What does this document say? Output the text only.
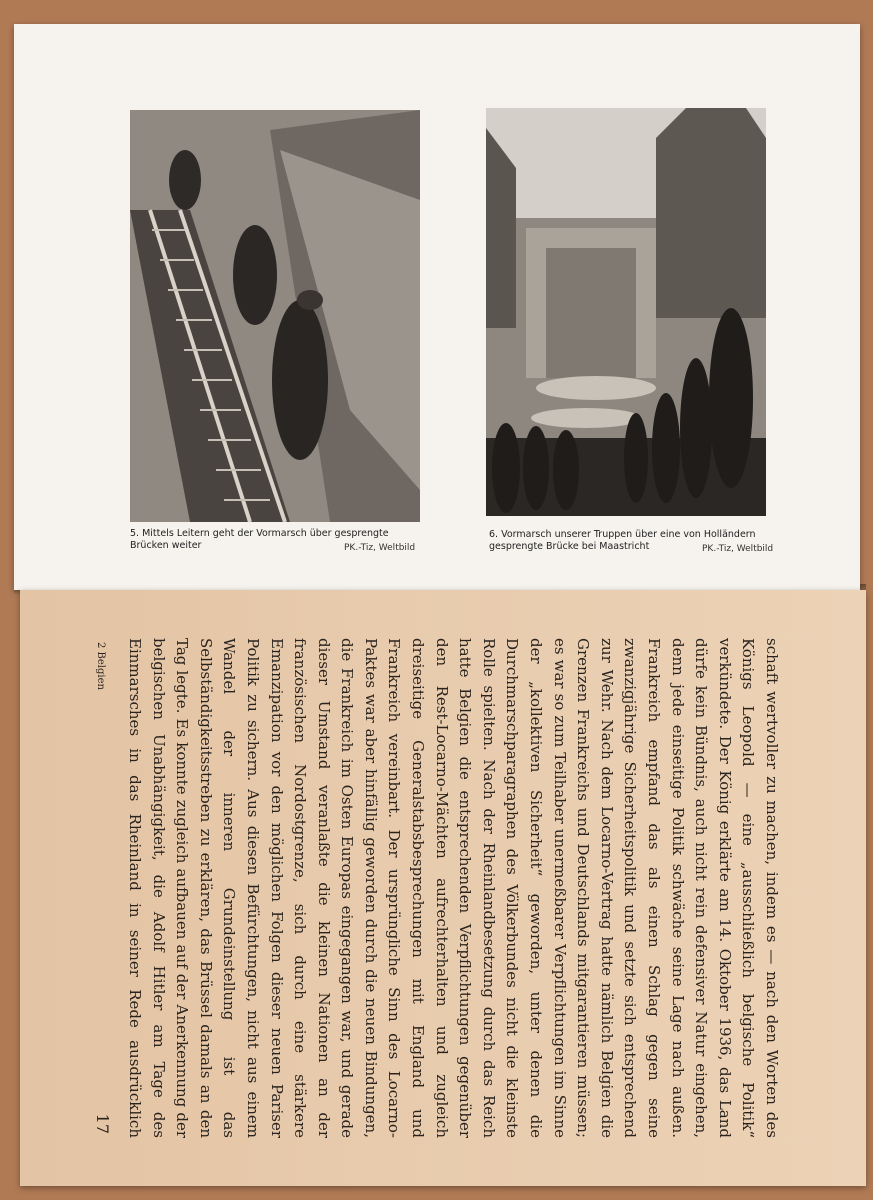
5. Mittels Leitern geht der Vormarsch über gesprengte Brücken weiter	PK.-Tiz, Weltbild
6. Vormarsch unserer Truppen über eine von Holländern gesprengte Brücke bei Maastricht	PK.-Tiz, Weltbild

schaft wertvoller zu machen, indem es — nach den Worten des Königs Leopold — eine „ausschließlich belgische Politik“ verkündete. Der König erklärte am 14. Oktober 1936, das Land dürfe kein Bündnis, auch nicht rein defensiver Natur eingehen, denn jede einseitige Politik schwäche seine Lage nach außen. Frankreich empfand das als einen Schlag gegen seine zwanzigjährige Sicherheitspolitik und setzte sich entsprechend zur Wehr. Nach dem Locarno-Vertrag hatte nämlich Belgien die Grenzen Frankreichs und Deutschlands mitgarantieren müssen; es war so zum Teilhaber unermeßbarer Verpflichtungen im Sinne der „kollektiven Sicherheit“ geworden, unter denen die Durchmarschparagraphen des Völkerbundes nicht die kleinste Rolle spielten. Nach der Rheinlandbesetzung durch das Reich hatte Belgien die entsprechenden Verpflichtungen gegenüber den Rest-Locarno-Mächten aufrechterhalten und zugleich dreiseitige Generalstabsbesprechungen mit England und Frankreich vereinbart. Der ursprüngliche Sinn des Locarno-Paktes war aber hinfällig geworden durch die neuen Bindungen, die Frankreich im Osten Europas eingegangen war, und gerade dieser Umstand veranlaßte die kleinen Nationen an der französischen Nordostgrenze, sich durch eine stärkere Emanzipation vor den möglichen Folgen dieser neuen Pariser Politik zu sichern. Aus diesen Befürchtungen, nicht aus einem Wandel der inneren Grundeinstellung ist das Selbständigkeitsstreben zu erklären, das Brüssel damals an den Tag legte. Es konnte zugleich aufbauen auf der Anerkennung der belgischen Unabhängigkeit, die Adolf Hitler am Tage des Einmarsches in das Rheinland in seiner Rede ausdrücklich

2 Belgien
17
